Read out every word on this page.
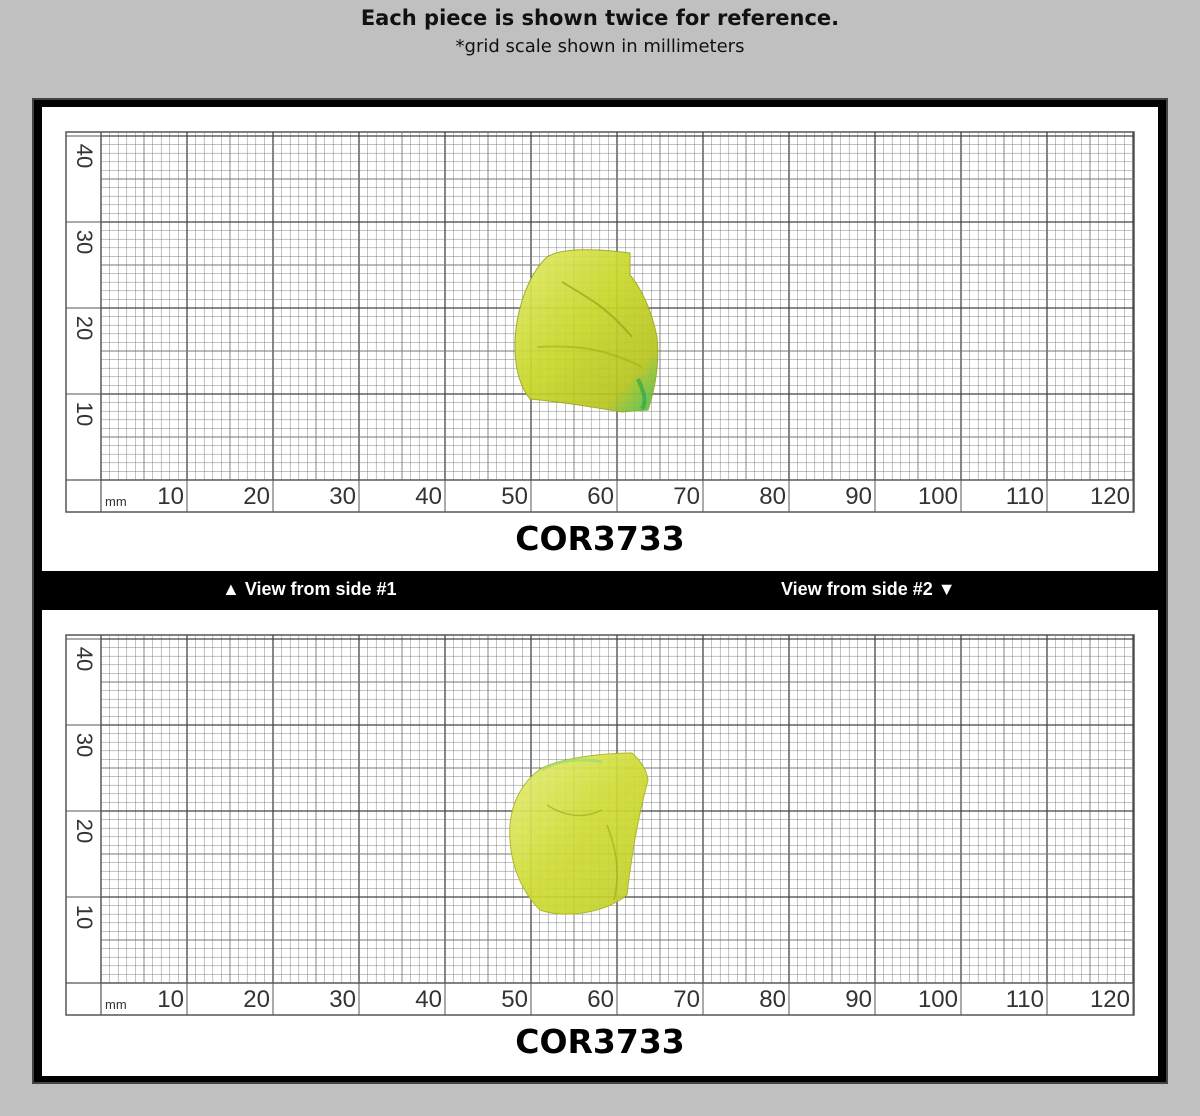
Each piece is shown twice for reference.
*grid scale shown in millimeters
mm 10 20 30 40 50 60 70 80 90 100 110 120
40
30
20
10
COR3733
▲ View from side #1	View from side #2 ▼
mm 10 20 30 40 50 60 70 80 90 100 110 120
40
30
20
10
COR3733
